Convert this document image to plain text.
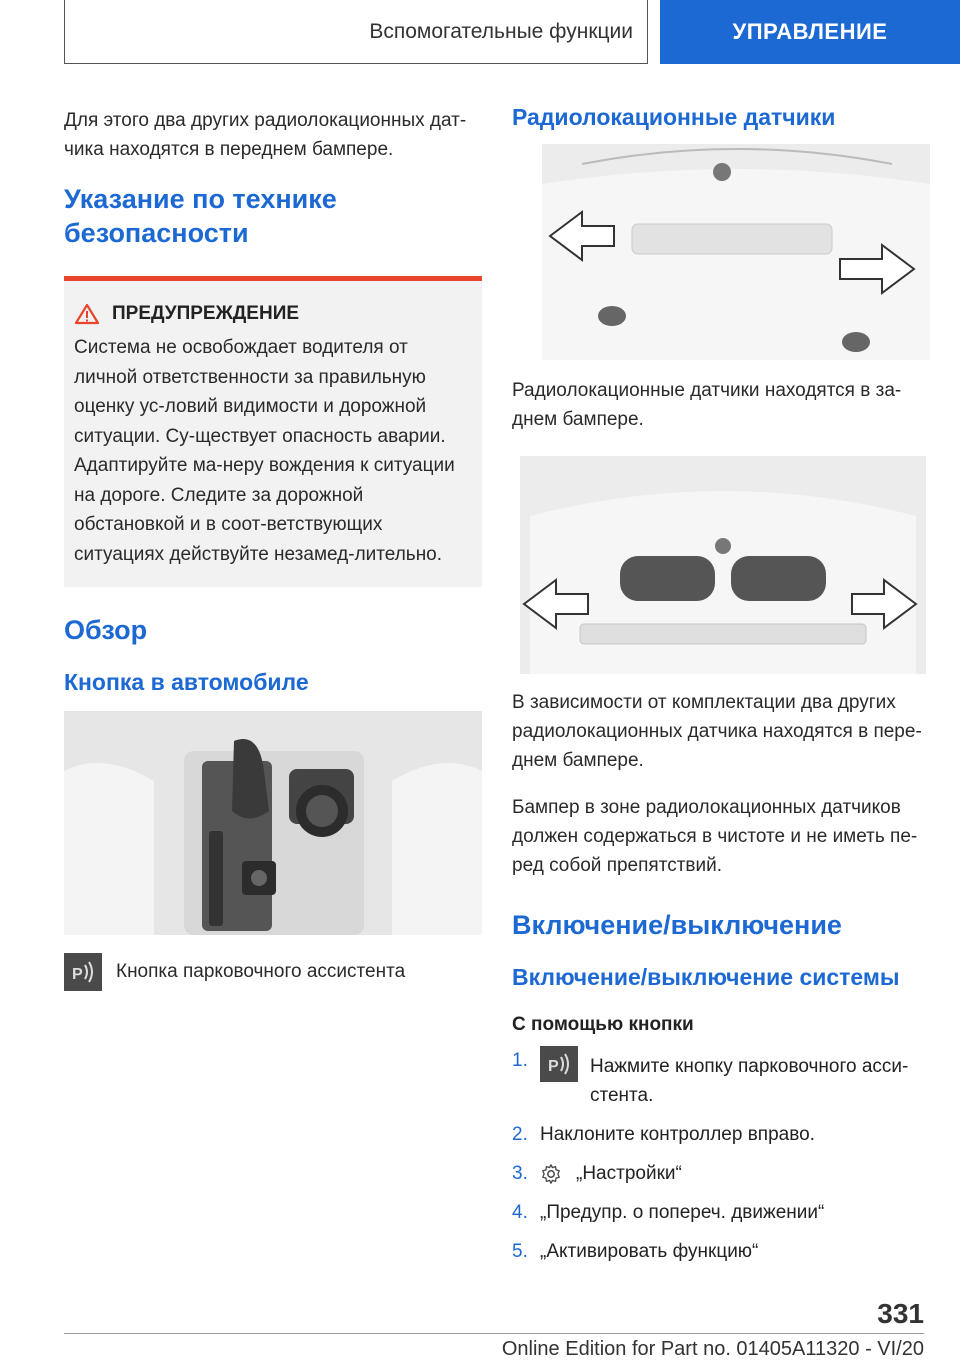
Вспомогательные функции	УПРАВЛЕНИЕ

Для этого два других радиолокационных дат-чика находятся в переднем бампере.

Указание по технике безопасности
ПРЕДУПРЕЖДЕНИЕ

Система не освобождает водителя от личной ответственности за правильную оценку ус-ловий видимости и дорожной ситуации. Су-ществует опасность аварии. Адаптируйте ма-неру вождения к ситуации на дороге. Следите за дорожной обстановкой и в соот-ветствующих ситуациях действуйте незамед-лительно.

Обзор
Кнопка в автомобиле
P Кнопка парковочного ассистента

Радиолокационные датчики

Радиолокационные датчики находятся в за-днем бампере.

В зависимости от комплектации два других радиолокационных датчика находятся в пере-днем бампере.

Бампер в зоне радиолокационных датчиков должен содержаться в чистоте и не иметь пе-ред собой препятствий.

Включение/выключение
Включение/выключение системы
С помощью кнопки
1.	P Нажмите кнопку парковочного асси-стента.
2. Наклоните контроллер вправо.
3.	„Настройки“
4. „Предупр. о попереч. движении“
5. „Активировать функцию“
331
Online Edition for Part no. 01405A11320 - VI/20
